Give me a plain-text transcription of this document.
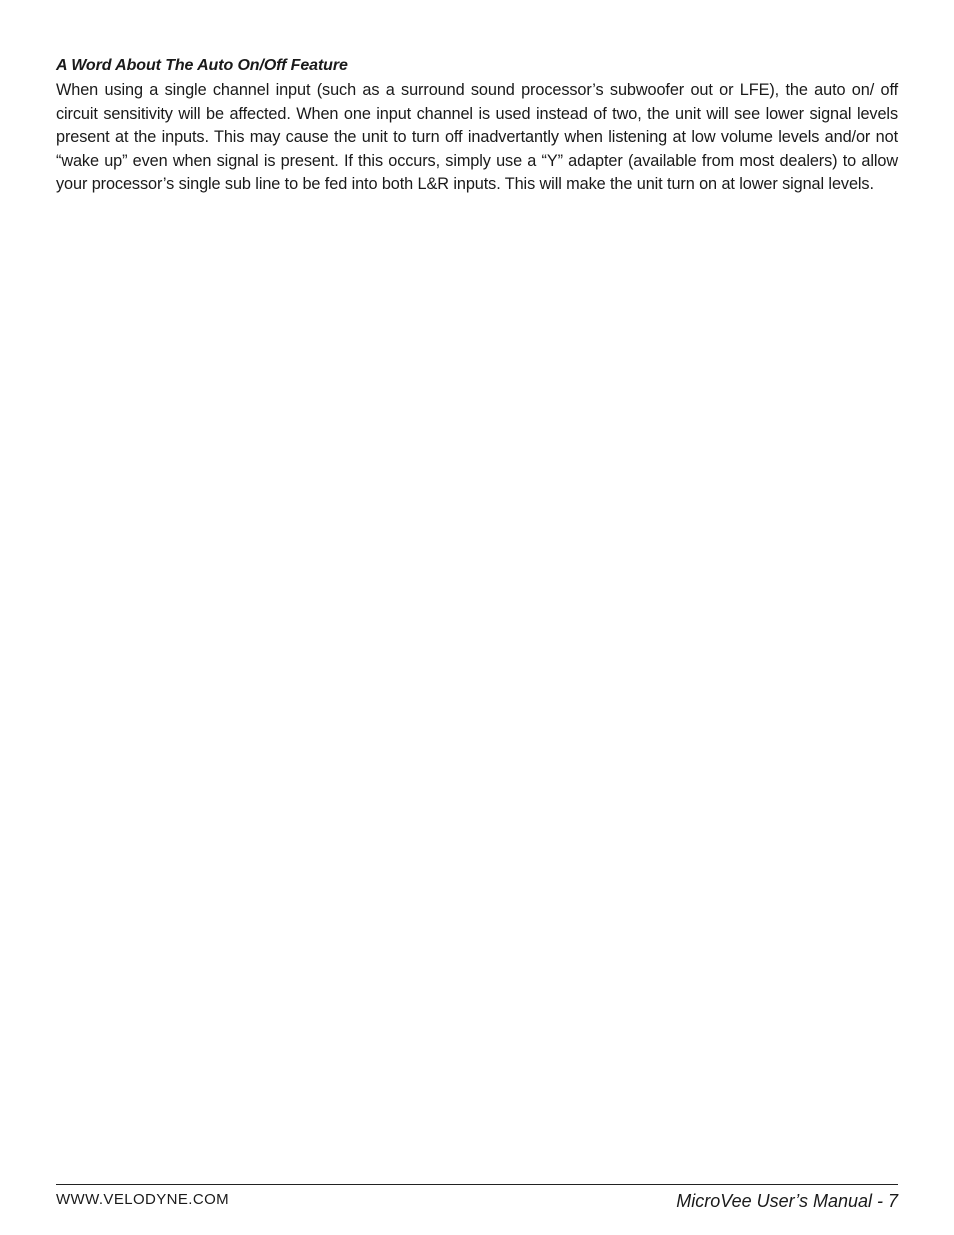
A Word About The Auto On/Off Feature

When using a single channel input (such as a surround sound processor’s subwoofer out or LFE), the auto on/ off circuit sensitivity will be affected. When one input channel is used instead of two, the unit will see lower signal levels present at the inputs. This may cause the unit to turn off inadvertantly when listening at low volume levels and/or not “wake up” even when signal is present. If this occurs, simply use a “Y” adapter (available from most dealers) to allow your processor’s single sub line to be fed into both L&R inputs. This will make the unit turn on at lower signal levels.

WWW.VELODYNE.COM	MicroVee User’s Manual - 7
